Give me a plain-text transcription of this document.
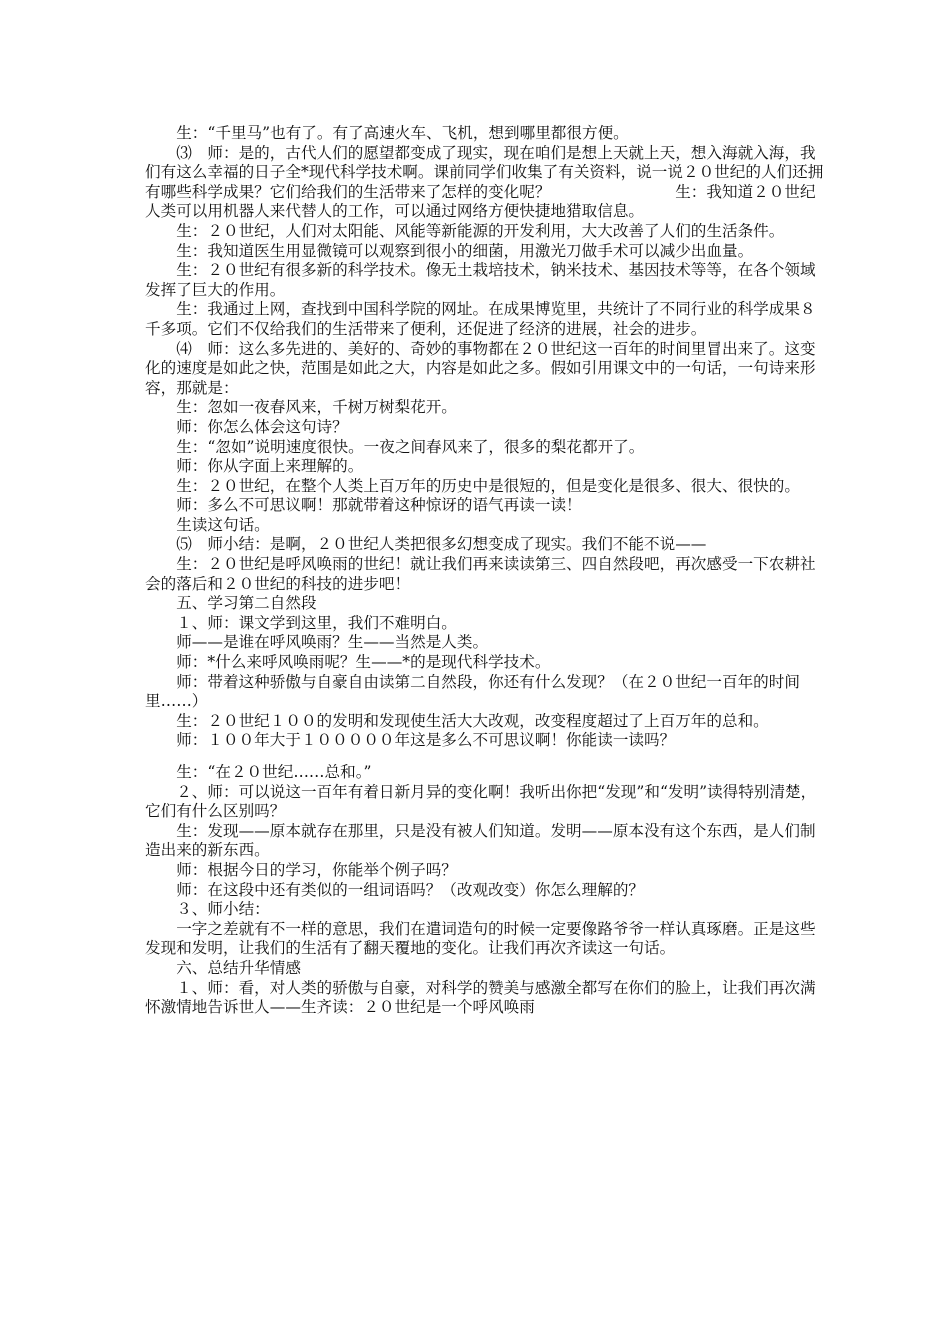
生：“千里马”也有了。有了高速火车、飞机，想到哪里都很方便。

⑶　师：是的，古代人们的愿望都变成了现实，现在咱们是想上天就上天，想入海就入海，我们有这么幸福的日子全*现代科学技术啊。课前同学们收集了有关资料，说一说２０世纪的人们还拥有哪些科学成果？它们给我们的生活带来了怎样的变化呢？　　　　　　　　生：我知道２０世纪人类可以用机器人来代替人的工作，可以通过网络方便快捷地猎取信息。

生：２０世纪，人们对太阳能、风能等新能源的开发利用，大大改善了人们的生活条件。

生：我知道医生用显微镜可以观察到很小的细菌，用激光刀做手术可以减少出血量。

生：２０世纪有很多新的科学技术。像无土栽培技术，钠米技术、基因技术等等，在各个领域发挥了巨大的作用。

生：我通过上网，查找到中国科学院的网址。在成果博览里，共统计了不同行业的科学成果８千多项。它们不仅给我们的生活带来了便利，还促进了经济的进展，社会的进步。

⑷　师：这么多先进的、美好的、奇妙的事物都在２０世纪这一百年的时间里冒出来了。这变化的速度是如此之快，范围是如此之大，内容是如此之多。假如引用课文中的一句话，一句诗来形容，那就是：

生：忽如一夜春风来，千树万树梨花开。

师：你怎么体会这句诗？

生：“忽如”说明速度很快。一夜之间春风来了，很多的梨花都开了。

师：你从字面上来理解的。

生：２０世纪，在整个人类上百万年的历史中是很短的，但是变化是很多、很大、很快的。

师：多么不可思议啊！那就带着这种惊讶的语气再读一读！

生读这句话。

⑸　师小结：是啊，２０世纪人类把很多幻想变成了现实。我们不能不说——

生：２０世纪是呼风唤雨的世纪！就让我们再来读读第三、四自然段吧，再次感受一下农耕社会的落后和２０世纪的科技的进步吧！

五、学习第二自然段

１、师：课文学到这里，我们不难明白。

师——是谁在呼风唤雨？生——当然是人类。

师：*什么来呼风唤雨呢？生——*的是现代科学技术。

师：带着这种骄傲与自豪自由读第二自然段，你还有什么发现？（在２０世纪一百年的时间里……）

生：２０世纪１００的发明和发现使生活大大改观，改变程度超过了上百万年的总和。

师：１００年大于１０００００年这是多么不可思议啊！你能读一读吗？

生：“在２０世纪……总和。”

２、师：可以说这一百年有着日新月异的变化啊！我听出你把“发现”和“发明”读得特别清楚，它们有什么区别吗？

生：发现——原本就存在那里，只是没有被人们知道。发明——原本没有这个东西，是人们制造出来的新东西。

师：根据今日的学习，你能举个例子吗？

师：在这段中还有类似的一组词语吗？（改观改变）你怎么理解的？

３、师小结：

一字之差就有不一样的意思，我们在遣词造句的时候一定要像路爷爷一样认真琢磨。正是这些发现和发明，让我们的生活有了翻天覆地的变化。让我们再次齐读这一句话。

六、总结升华情感

１、师：看，对人类的骄傲与自豪，对科学的赞美与感激全都写在你们的脸上，让我们再次满怀激情地告诉世人——生齐读：２０世纪是一个呼风唤雨
